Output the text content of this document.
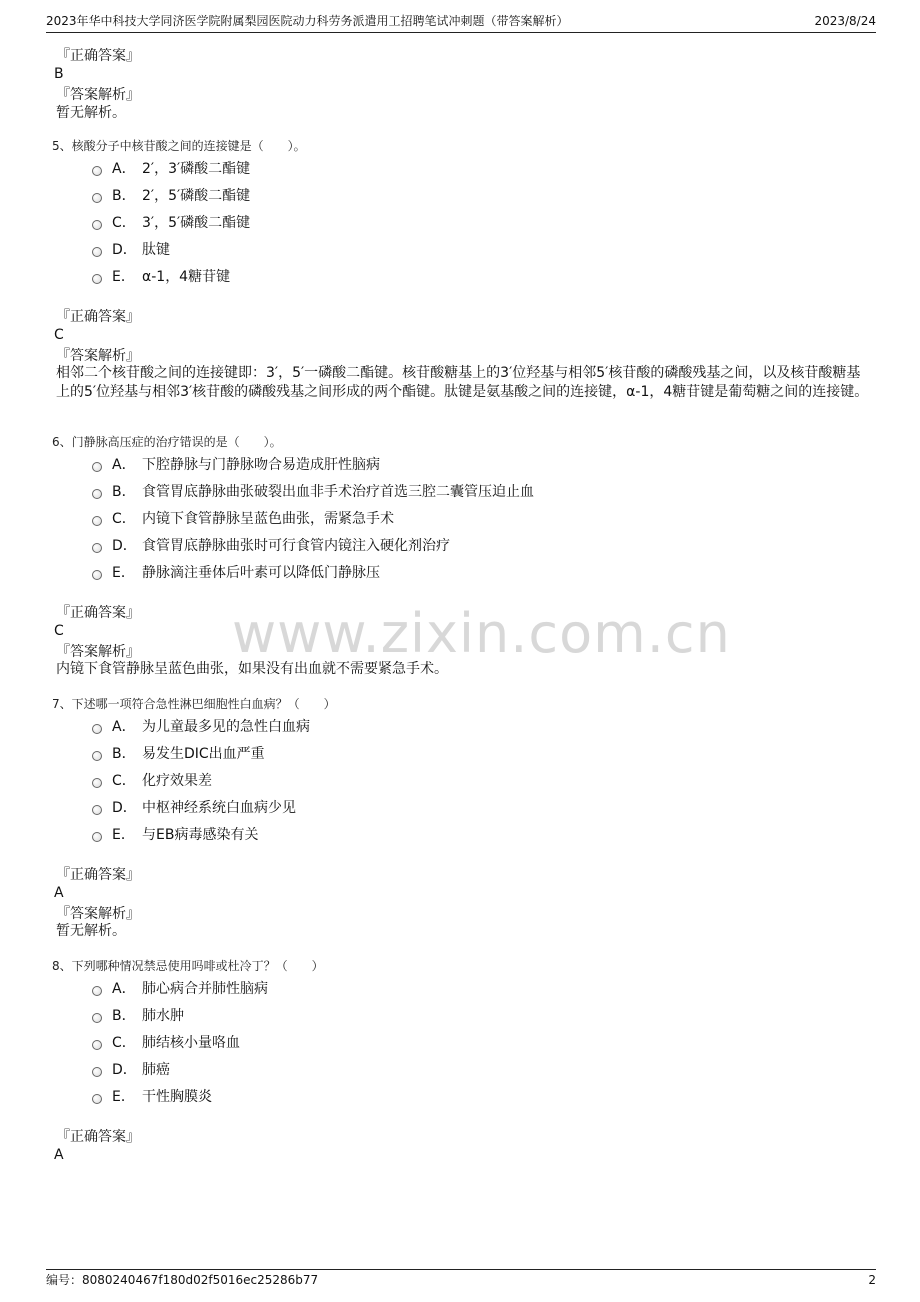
2023年华中科技大学同济医学院附属梨园医院动力科劳务派遣用工招聘笔试冲刺题（带答案解析）	2023/8/24
『正确答案』
B
『答案解析』
暂无解析。
5、核酸分子中核苷酸之间的连接键是（　　）。
A． 2′，3′磷酸二酯键
B． 2′，5′磷酸二酯键
C． 3′，5′磷酸二酯键
D． 肽键
E． α-1，4糖苷键
『正确答案』
C
『答案解析』
相邻二个核苷酸之间的连接键即：3′，5′一磷酸二酯键。核苷酸糖基上的3′位羟基与相邻5′核苷酸的磷酸残基之间，以及核苷酸糖基上的5′位羟基与相邻3′核苷酸的磷酸残基之间形成的两个酯键。肽键是氨基酸之间的连接键，α-1，4糖苷键是葡萄糖之间的连接键。
6、门静脉高压症的治疗错误的是（　　）。
A． 下腔静脉与门静脉吻合易造成肝性脑病
B． 食管胃底静脉曲张破裂出血非手术治疗首选三腔二囊管压迫止血
C． 内镜下食管静脉呈蓝色曲张，需紧急手术
D． 食管胃底静脉曲张时可行食管内镜注入硬化剂治疗
E． 静脉滴注垂体后叶素可以降低门静脉压
『正确答案』
C
『答案解析』
内镜下食管静脉呈蓝色曲张，如果没有出血就不需要紧急手术。
7、下述哪一项符合急性淋巴细胞性白血病？（　　）
A． 为儿童最多见的急性白血病
B． 易发生DIC出血严重
C． 化疗效果差
D． 中枢神经系统白血病少见
E． 与EB病毒感染有关
『正确答案』
A
『答案解析』
暂无解析。
8、下列哪种情况禁忌使用吗啡或杜冷丁？（　　）
A． 肺心病合并肺性脑病
B． 肺水肿
C． 肺结核小量咯血
D． 肺癌
E． 干性胸膜炎
『正确答案』
A
www.zixin.com.cn
编号：8080240467f180d02f5016ec25286b77	2
